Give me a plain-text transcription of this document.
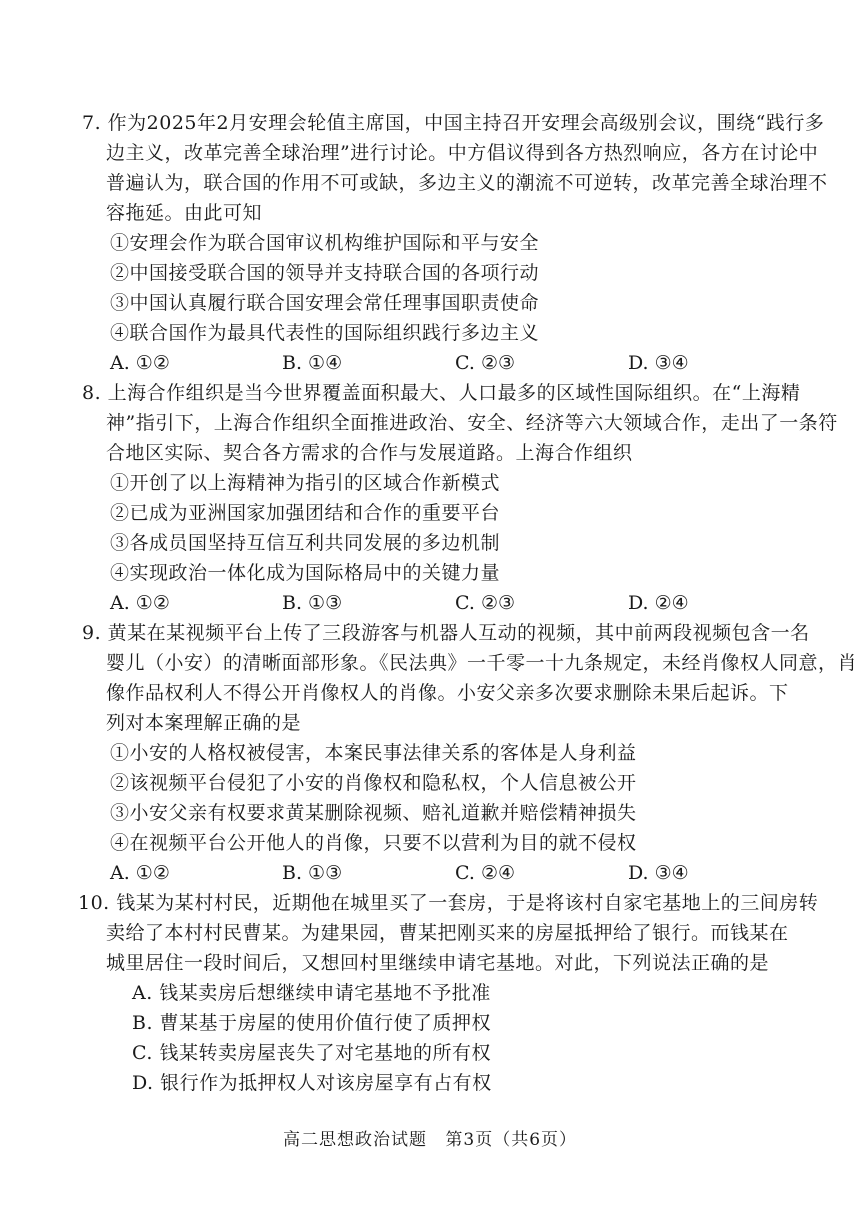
7. 作为2025年2月安理会轮值主席国，中国主持召开安理会高级别会议，围绕“践行多
边主义，改革完善全球治理”进行讨论。中方倡议得到各方热烈响应，各方在讨论中
普遍认为，联合国的作用不可或缺，多边主义的潮流不可逆转，改革完善全球治理不
容拖延。由此可知
①安理会作为联合国审议机构维护国际和平与安全
②中国接受联合国的领导并支持联合国的各项行动
③中国认真履行联合国安理会常任理事国职责使命
④联合国作为最具代表性的国际组织践行多边主义
A. ①②	B. ①④	C. ②③	D. ③④
8. 上海合作组织是当今世界覆盖面积最大、人口最多的区域性国际组织。在“上海精
神”指引下，上海合作组织全面推进政治、安全、经济等六大领域合作，走出了一条符
合地区实际、契合各方需求的合作与发展道路。上海合作组织
①开创了以上海精神为指引的区域合作新模式
②已成为亚洲国家加强团结和合作的重要平台
③各成员国坚持互信互利共同发展的多边机制
④实现政治一体化成为国际格局中的关键力量
A. ①②	B. ①③	C. ②③	D. ②④
9. 黄某在某视频平台上传了三段游客与机器人互动的视频，其中前两段视频包含一名
婴儿（小安）的清晰面部形象。《民法典》一千零一十九条规定，未经肖像权人同意，肖
像作品权利人不得公开肖像权人的肖像。小安父亲多次要求删除未果后起诉。下
列对本案理解正确的是
①小安的人格权被侵害，本案民事法律关系的客体是人身利益
②该视频平台侵犯了小安的肖像权和隐私权，个人信息被公开
③小安父亲有权要求黄某删除视频、赔礼道歉并赔偿精神损失
④在视频平台公开他人的肖像，只要不以营利为目的就不侵权
A. ①②	B. ①③	C. ②④	D. ③④
10. 钱某为某村村民，近期他在城里买了一套房，于是将该村自家宅基地上的三间房转
卖给了本村村民曹某。为建果园，曹某把刚买来的房屋抵押给了银行。而钱某在
城里居住一段时间后，又想回村里继续申请宅基地。对此，下列说法正确的是
A. 钱某卖房后想继续申请宅基地不予批准
B. 曹某基于房屋的使用价值行使了质押权
C. 钱某转卖房屋丧失了对宅基地的所有权
D. 银行作为抵押权人对该房屋享有占有权
高二思想政治试题 第3页（共6页）
